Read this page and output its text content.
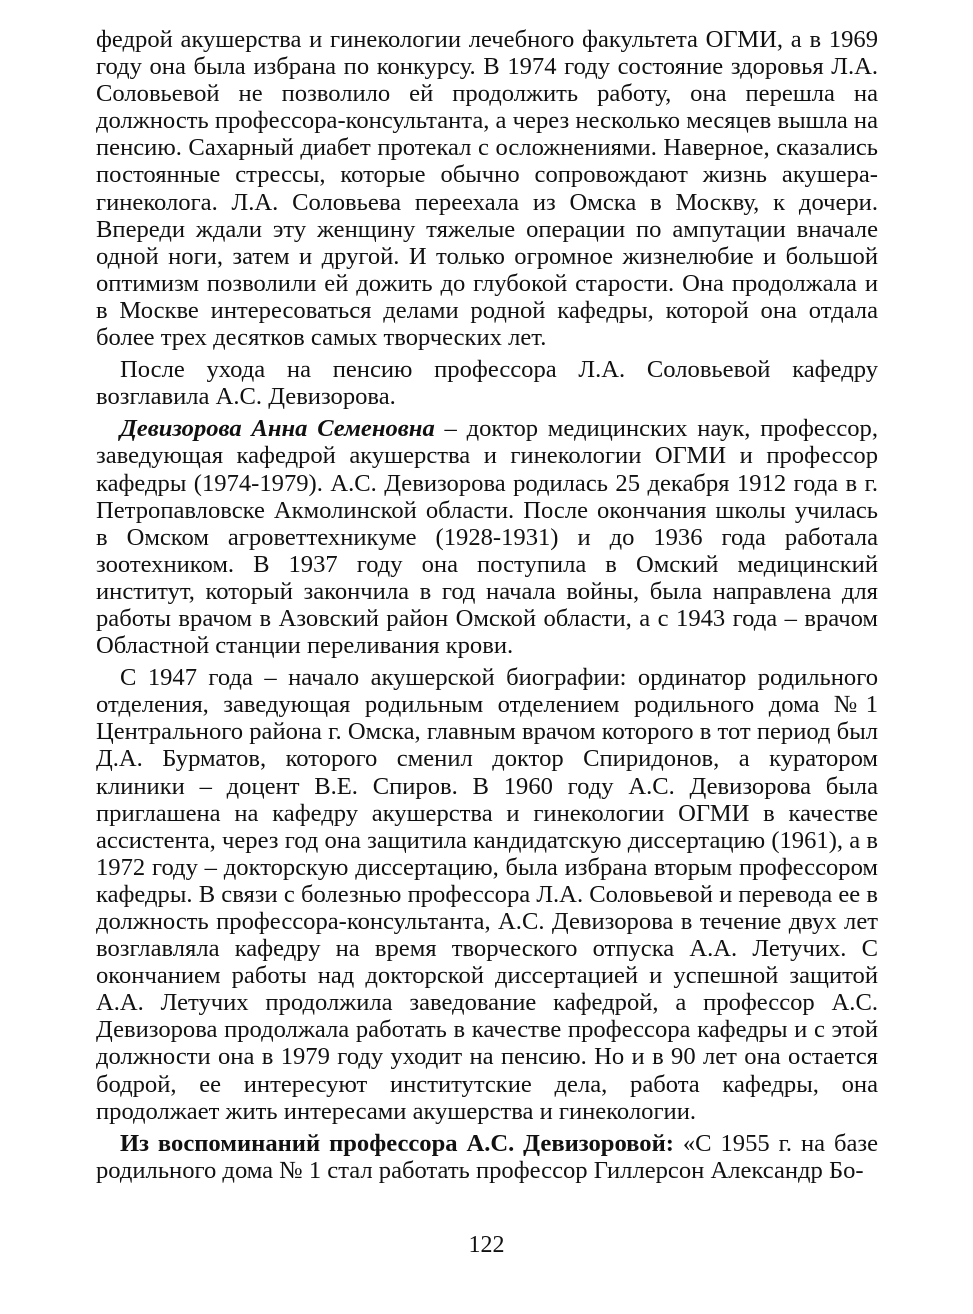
федрой акушерства и гинекологии лечебного факультета ОГМИ, а в 1969 году она была избрана по конкурсу. В 1974 году состояние здоровья Л.А. Соловьевой не позволило ей продолжить работу, она перешла на должность профессора-консультанта, а через несколько месяцев вышла на пенсию. Сахарный диабет протекал с осложнениями. Наверное, сказались постоянные стрессы, которые обычно сопровождают жизнь акушера-гинеколога. Л.А. Соловьева переехала из Омска в Москву, к дочери. Впереди ждали эту женщину тяжелые операции по ампутации вначале одной ноги, затем и другой. И только огромное жизнелюбие и большой оптимизм позволили ей дожить до глубокой старости. Она продолжала и в Москве интересоваться делами родной кафедры, которой она отдала более трех десятков самых творческих лет.

После ухода на пенсию профессора Л.А. Соловьевой кафедру возглавила А.С. Девизорова.

Девизорова Анна Семеновна – доктор медицинских наук, профессор, заведующая кафедрой акушерства и гинекологии ОГМИ и профессор кафедры (1974-1979). А.С. Девизорова родилась 25 декабря 1912 года в г. Петропавловске Акмолинской области. После окончания школы училась в Омском агроветтехникуме (1928-1931) и до 1936 года работала зоотехником. В 1937 году она поступила в Омский медицинский институт, который закончила в год начала войны, была направлена для работы врачом в Азовский район Омской области, а с 1943 года – врачом Областной станции переливания крови.

С 1947 года – начало акушерской биографии: ординатор родильного отделения, заведующая родильным отделением родильного дома №1 Центрального района г. Омска, главным врачом которого в тот период был Д.А. Бурматов, которого сменил доктор Спиридонов, а куратором клиники – доцент В.Е. Спиров. В 1960 году А.С. Девизорова была приглашена на кафедру акушерства и гинекологии ОГМИ в качестве ассистента, через год она защитила кандидатскую диссертацию (1961), а в 1972 году – докторскую диссертацию, была избрана вторым профессором кафедры. В связи с болезнью профессора Л.А. Соловьевой и перевода ее в должность профессора-консультанта, А.С. Девизорова в течение двух лет возглавляла кафедру на время творческого отпуска А.А. Летучих. С окончанием работы над докторской диссертацией и успешной защитой А.А. Летучих продолжила заведование кафедрой, а профессор А.С. Девизорова продолжала работать в качестве профессора кафедры и с этой должности она в 1979 году уходит на пенсию. Но и в 90 лет она остается бодрой, ее интересуют институтские дела, работа кафедры, она продолжает жить интересами акушерства и гинекологии.

Из воспоминаний профессора А.С. Девизоровой: «С 1955 г. на базе родильного дома № 1 стал работать профессор Гиллерсон Александр Бо-

122
